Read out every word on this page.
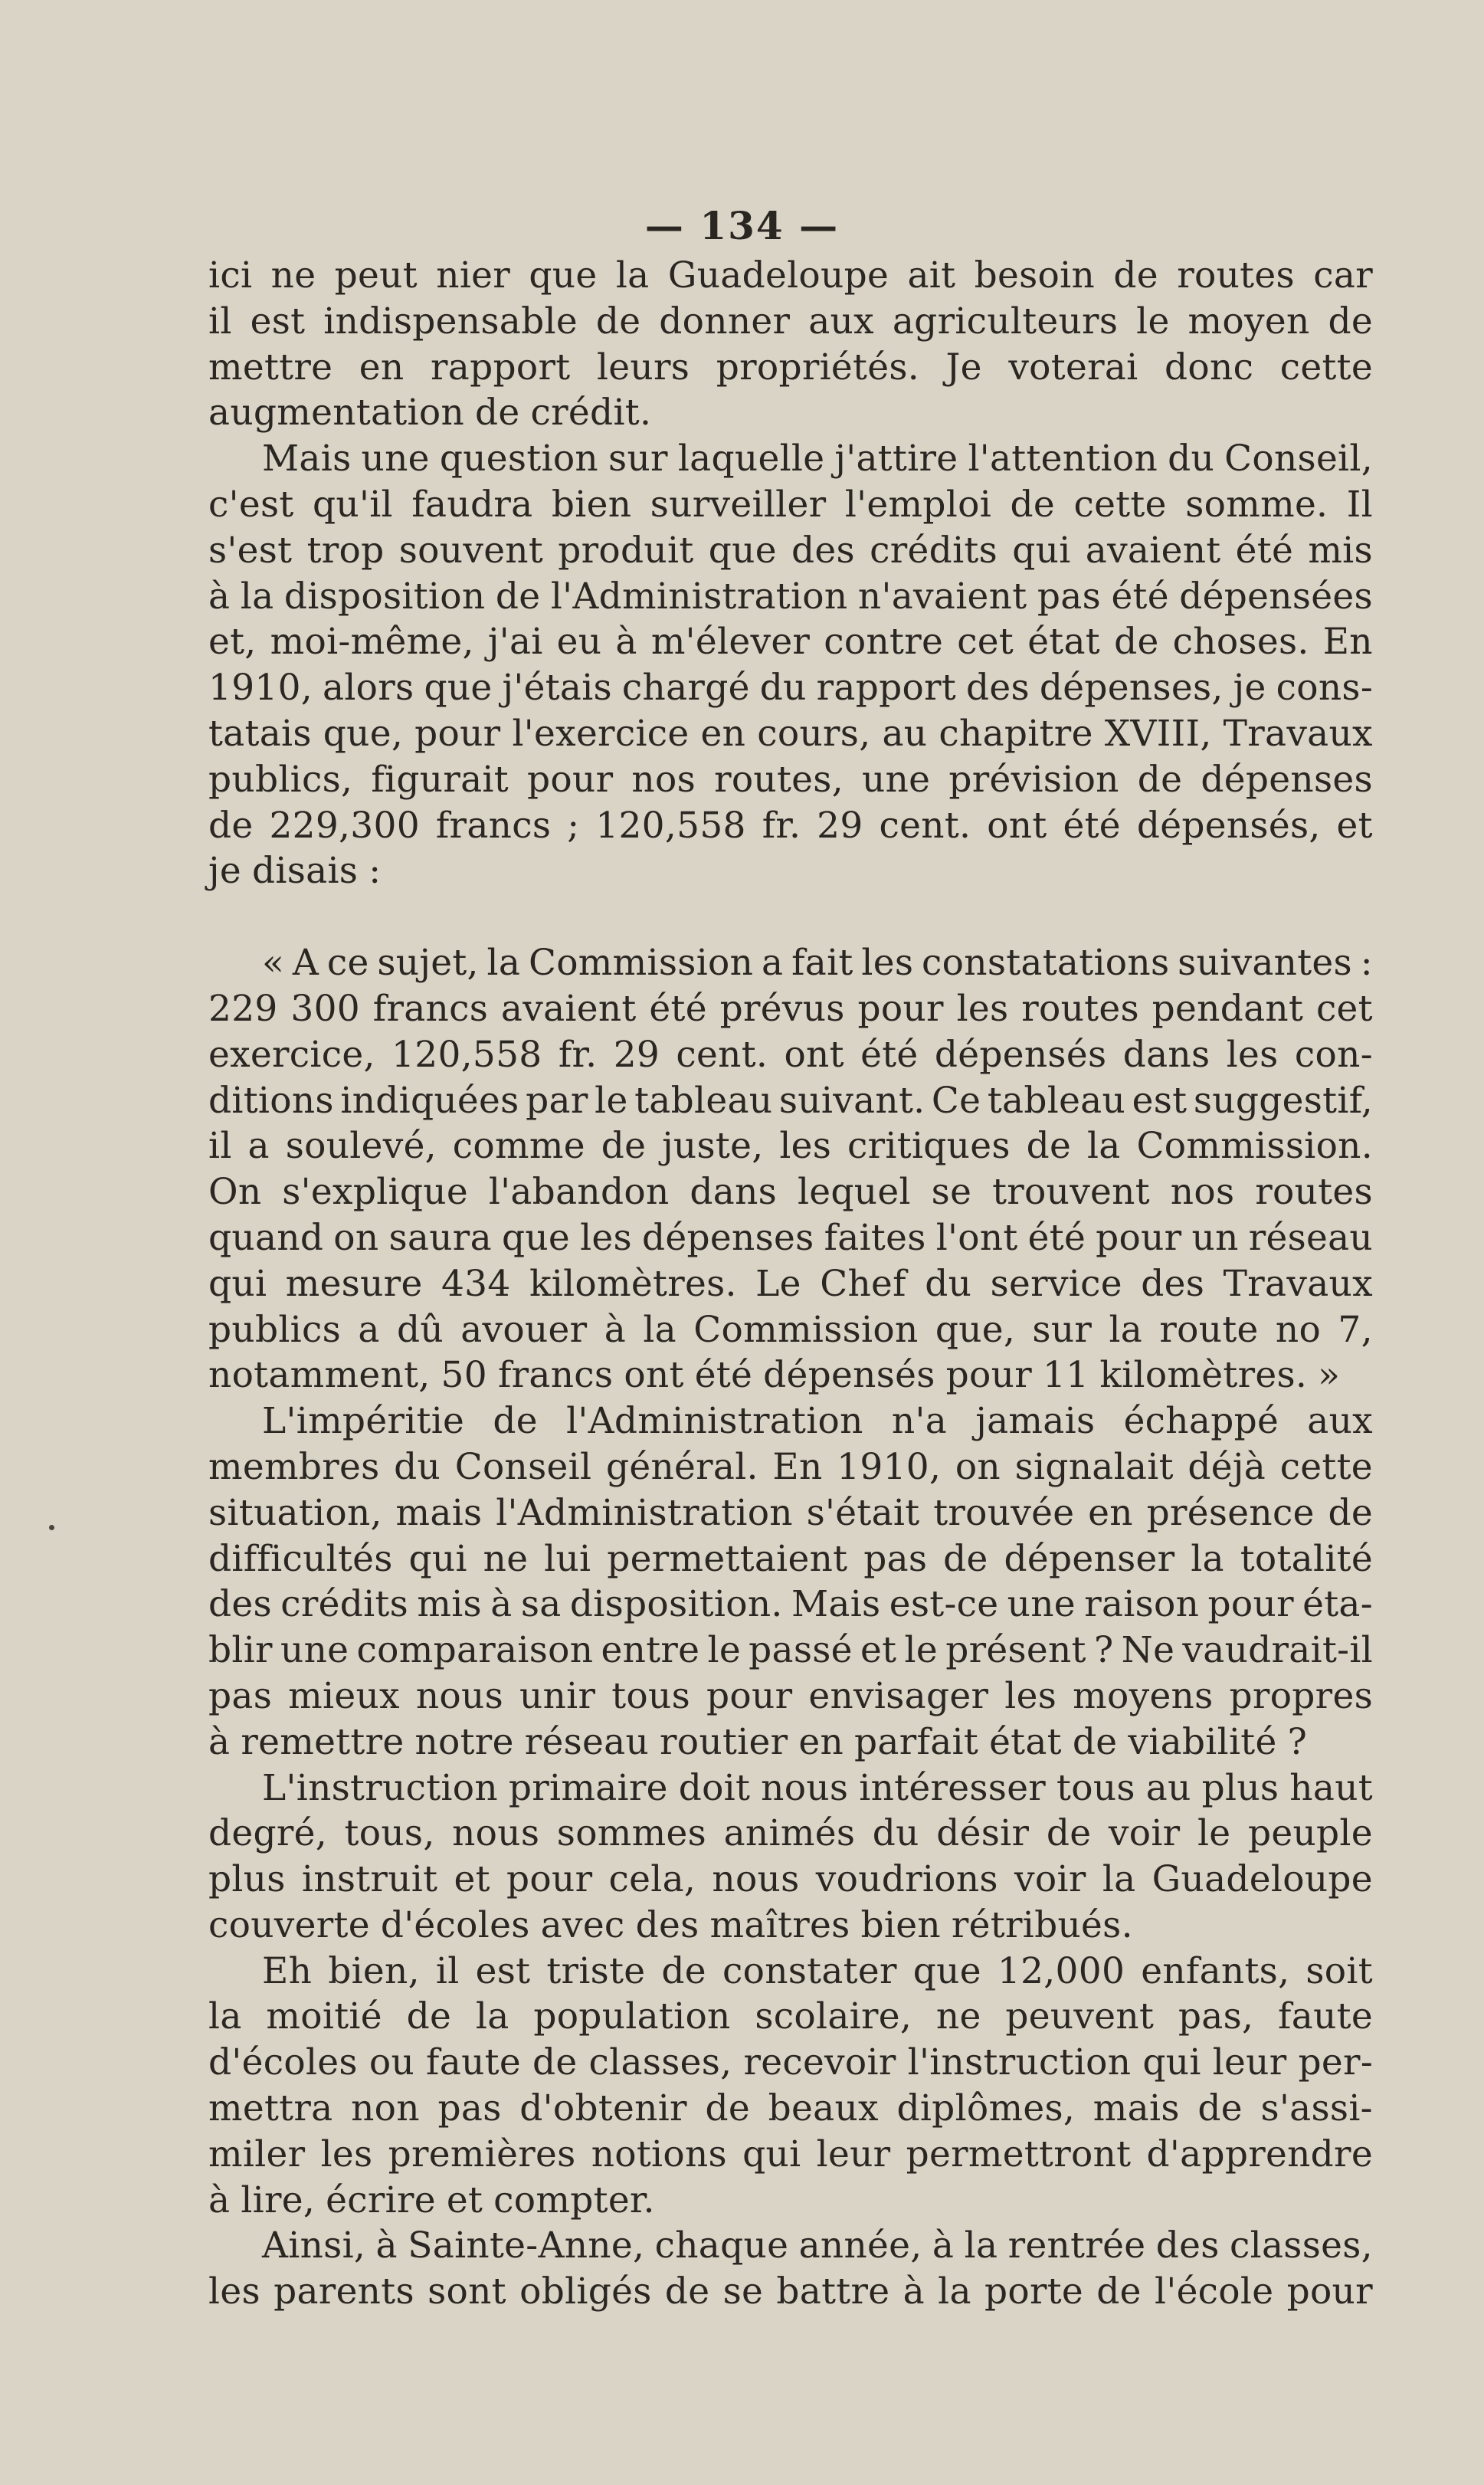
— 134 —
ici ne peut nier que la Guadeloupe ait besoin de routes car
il est indispensable de donner aux agriculteurs le moyen de
mettre en rapport leurs propriétés. Je voterai donc cette
augmentation de crédit.
Mais une question sur laquelle j'attire l'attention du Conseil,
c'est qu'il faudra bien surveiller l'emploi de cette somme. Il
s'est trop souvent produit que des crédits qui avaient été mis
à la disposition de l'Administration n'avaient pas été dépensées
et, moi-même, j'ai eu à m'élever contre cet état de choses. En
1910, alors que j'étais chargé du rapport des dépenses, je cons-
tatais que, pour l'exercice en cours, au chapitre XVIII, Travaux
publics, figurait pour nos routes, une prévision de dépenses
de 229,300 francs ; 120,558 fr. 29 cent. ont été dépensés, et
je disais :
« A ce sujet, la Commission a fait les constatations suivantes :
229 300 francs avaient été prévus pour les routes pendant cet
exercice, 120,558 fr. 29 cent. ont été dépensés dans les con-
ditions indiquées par le tableau suivant. Ce tableau est suggestif,
il a soulevé, comme de juste, les critiques de la Commission.
On s'explique l'abandon dans lequel se trouvent nos routes
quand on saura que les dépenses faites l'ont été pour un réseau
qui mesure 434 kilomètres. Le Chef du service des Travaux
publics a dû avouer à la Commission que, sur la route no 7,
notamment, 50 francs ont été dépensés pour 11 kilomètres. »
L'impéritie de l'Administration n'a jamais échappé aux
membres du Conseil général. En 1910, on signalait déjà cette
situation, mais l'Administration s'était trouvée en présence de
difficultés qui ne lui permettaient pas de dépenser la totalité
des crédits mis à sa disposition. Mais est-ce une raison pour éta-
blir une comparaison entre le passé et le présent ? Ne vaudrait-il
pas mieux nous unir tous pour envisager les moyens propres
à remettre notre réseau routier en parfait état de viabilité ?
L'instruction primaire doit nous intéresser tous au plus haut
degré, tous, nous sommes animés du désir de voir le peuple
plus instruit et pour cela, nous voudrions voir la Guadeloupe
couverte d'écoles avec des maîtres bien rétribués.
Eh bien, il est triste de constater que 12,000 enfants, soit
la moitié de la population scolaire, ne peuvent pas, faute
d'écoles ou faute de classes, recevoir l'instruction qui leur per-
mettra non pas d'obtenir de beaux diplômes, mais de s'assi-
miler les premières notions qui leur permettront d'apprendre
à lire, écrire et compter.
Ainsi, à Sainte-Anne, chaque année, à la rentrée des classes,
les parents sont obligés de se battre à la porte de l'école pour
